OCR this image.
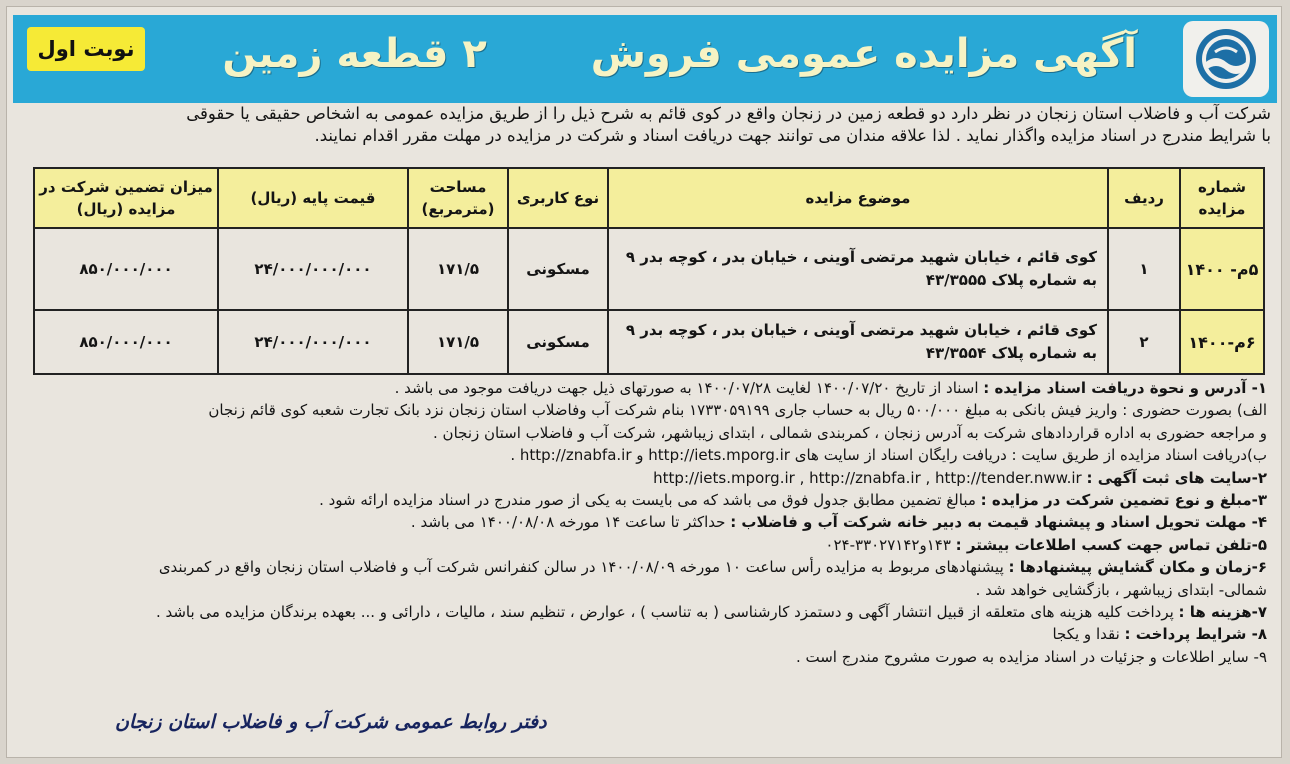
آگهی مزایده عمومی فروش ۲ قطعه زمین
نوبت اول
شرکت آب و فاضلاب استان زنجان در نظر دارد دو قطعه زمین در زنجان واقع در کوی قائم به شرح ذیل را از طریق مزایده عمومی به اشخاص حقیقی یا حقوقی
با شرایط مندرج در اسناد مزایده واگذار نماید . لذا علاقه مندان می توانند جهت دریافت اسناد و شرکت در مزایده در مهلت مقرر اقدام نمایند.
شماره مزایده	ردیف	موضوع مزایده	نوع کاربری	مساحت (مترمربع)	قیمت پایه (ریال)	میزان تضمین شرکت در مزایده (ریال)
۵م- ۱۴۰۰	۱	کوی قائم ، خیابان شهید مرتضی آوینی ، خیابان بدر ، کوچه بدر ۹
به شماره پلاک ۴۳/۳۵۵۵	مسکونی	۱۷۱/۵	۲۴/۰۰۰/۰۰۰/۰۰۰	۸۵۰/۰۰۰/۰۰۰
۶م-۱۴۰۰	۲	کوی قائم ، خیابان شهید مرتضی آوینی ، خیابان بدر ، کوچه بدر ۹
به شماره پلاک ۴۳/۳۵۵۴	مسکونی	۱۷۱/۵	۲۴/۰۰۰/۰۰۰/۰۰۰	۸۵۰/۰۰۰/۰۰۰
۱- آدرس و نحوة دریافت اسناد مزایده : اسناد از تاریخ ۱۴۰۰/۰۷/۲۰ لغایت ۱۴۰۰/۰۷/۲۸ به صورتهای ذیل جهت دریافت موجود می باشد .
الف) بصورت حضوری : واریز فیش بانکی به مبلغ ۵۰۰/۰۰۰ ریال به حساب جاری ۱۷۳۳۰۵۹۱۹۹ بنام شرکت آب وفاضلاب استان زنجان نزد بانک تجارت شعبه کوی قائم زنجان
و مراجعه حضوری به اداره قراردادهای شرکت به آدرس زنجان ، کمربندی شمالی ، ابتدای زیباشهر، شرکت آب و فاضلاب استان زنجان .
ب)دریافت اسناد مزایده از طریق سایت : دریافت رایگان اسناد از سایت های http://iets.mporg.ir و http://znabfa.ir .
۲-سایت های ثبت آگهی : http://iets.mporg.ir , http://znabfa.ir , http://tender.nww.ir
۳-مبلغ و نوع تضمین شرکت در مزایده : مبالغ تضمین مطابق جدول فوق می باشد که می بایست به یکی از صور مندرج در اسناد مزایده ارائه شود .
۴- مهلت تحویل اسناد و پیشنهاد قیمت به دبیر خانه شرکت آب و فاضلاب : حداکثر تا ساعت ۱۴ مورخه ۱۴۰۰/۰۸/۰۸ می باشد .
۵-تلفن تماس جهت کسب اطلاعات بیشتر : ۱۴۳و۳۳۰۲۷۱۴۲-۰۲۴
۶-زمان و مکان گشایش پیشنهادها : پیشنهادهای مربوط به مزایده رأس ساعت ۱۰ مورخه ۱۴۰۰/۰۸/۰۹ در سالن کنفرانس شرکت آب و فاضلاب استان زنجان واقع در کمربندی
شمالی- ابتدای زیباشهر ، بازگشایی خواهد شد .
۷-هزینه ها : پرداخت کلیه هزینه های متعلقه از قبیل انتشار آگهی و دستمزد کارشناسی ( به تناسب ) ، عوارض ، تنظیم سند ، مالیات ، دارائی و ... بعهده برندگان مزایده می باشد .
۸- شرایط پرداخت : نقدا و یکجا
۹- سایر اطلاعات و جزئیات در اسناد مزایده به صورت مشروح مندرج است .
دفتر روابط عمومی شرکت آب و فاضلاب استان زنجان
